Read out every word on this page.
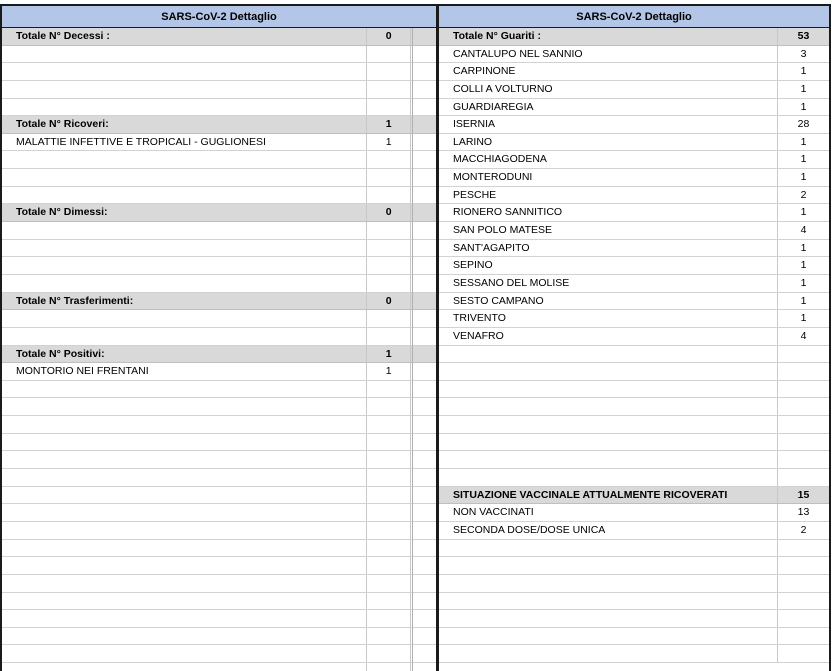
SARS-CoV-2 Dettaglio
Totale N° Decessi :	0
Totale N° Ricoveri:	1
MALATTIE INFETTIVE E TROPICALI - GUGLIONESI	1
Totale N° Dimessi:	0
Totale N° Trasferimenti:	0
Totale N° Positivi:	1
MONTORIO NEI FRENTANI	1
SARS-CoV-2 Dettaglio
Totale N° Guariti :	53
CANTALUPO NEL SANNIO	3
CARPINONE	1
COLLI A VOLTURNO	1
GUARDIAREGIA	1
ISERNIA	28
LARINO	1
MACCHIAGODENA	1
MONTERODUNI	1
PESCHE	2
RIONERO SANNITICO	1
SAN POLO MATESE	4
SANT'AGAPITO	1
SEPINO	1
SESSANO DEL MOLISE	1
SESTO CAMPANO	1
TRIVENTO	1
VENAFRO	4
SITUAZIONE VACCINALE ATTUALMENTE RICOVERATI	15
NON VACCINATI	13
SECONDA DOSE/DOSE UNICA	2
